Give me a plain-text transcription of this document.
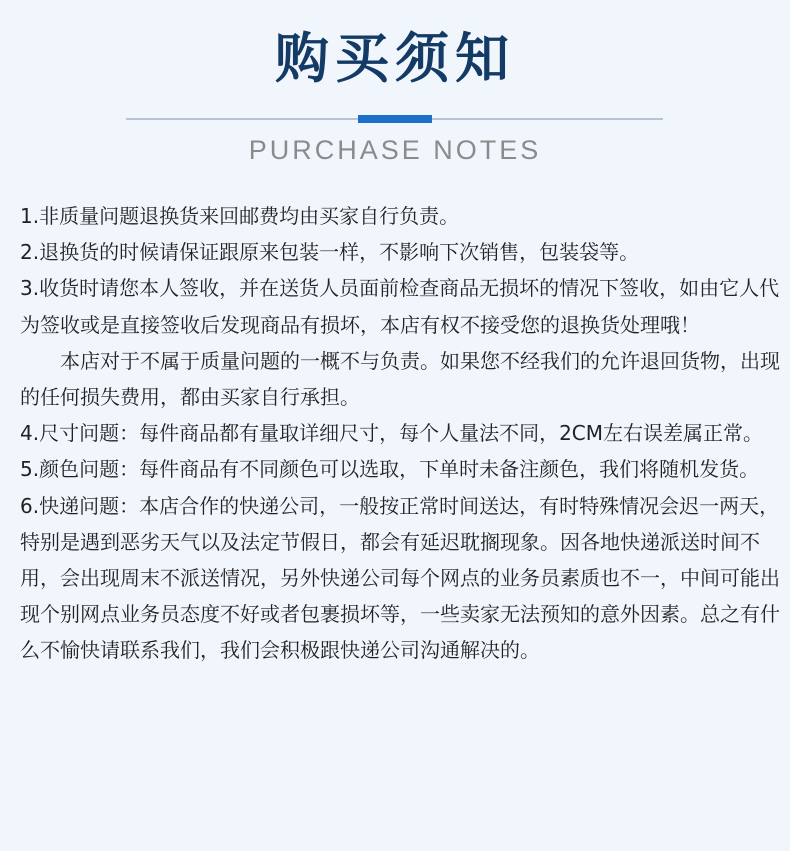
购买须知
PURCHASE NOTES

1.非质量问题退换货来回邮费均由买家自行负责。

2.退换货的时候请保证跟原来包装一样，不影响下次销售，包装袋等。

3.收货时请您本人签收，并在送货人员面前检查商品无损坏的情况下签收，如由它人代为签收或是直接签收后发现商品有损坏，本店有权不接受您的退换货处理哦！

本店对于不属于质量问题的一概不与负责。如果您不经我们的允许退回货物，出现的任何损失费用，都由买家自行承担。

4.尺寸问题：每件商品都有量取详细尺寸，每个人量法不同，2CM左右误差属正常。

5.颜色问题：每件商品有不同颜色可以选取，下单时未备注颜色，我们将随机发货。

6.快递问题：本店合作的快递公司，一般按正常时间送达，有时特殊情况会迟一两天，特别是遇到恶劣天气以及法定节假日，都会有延迟耽搁现象。因各地快递派送时间不用，会出现周末不派送情况，另外快递公司每个网点的业务员素质也不一，中间可能出现个别网点业务员态度不好或者包裹损坏等，一些卖家无法预知的意外因素。总之有什么不愉快请联系我们，我们会积极跟快递公司沟通解决的。
